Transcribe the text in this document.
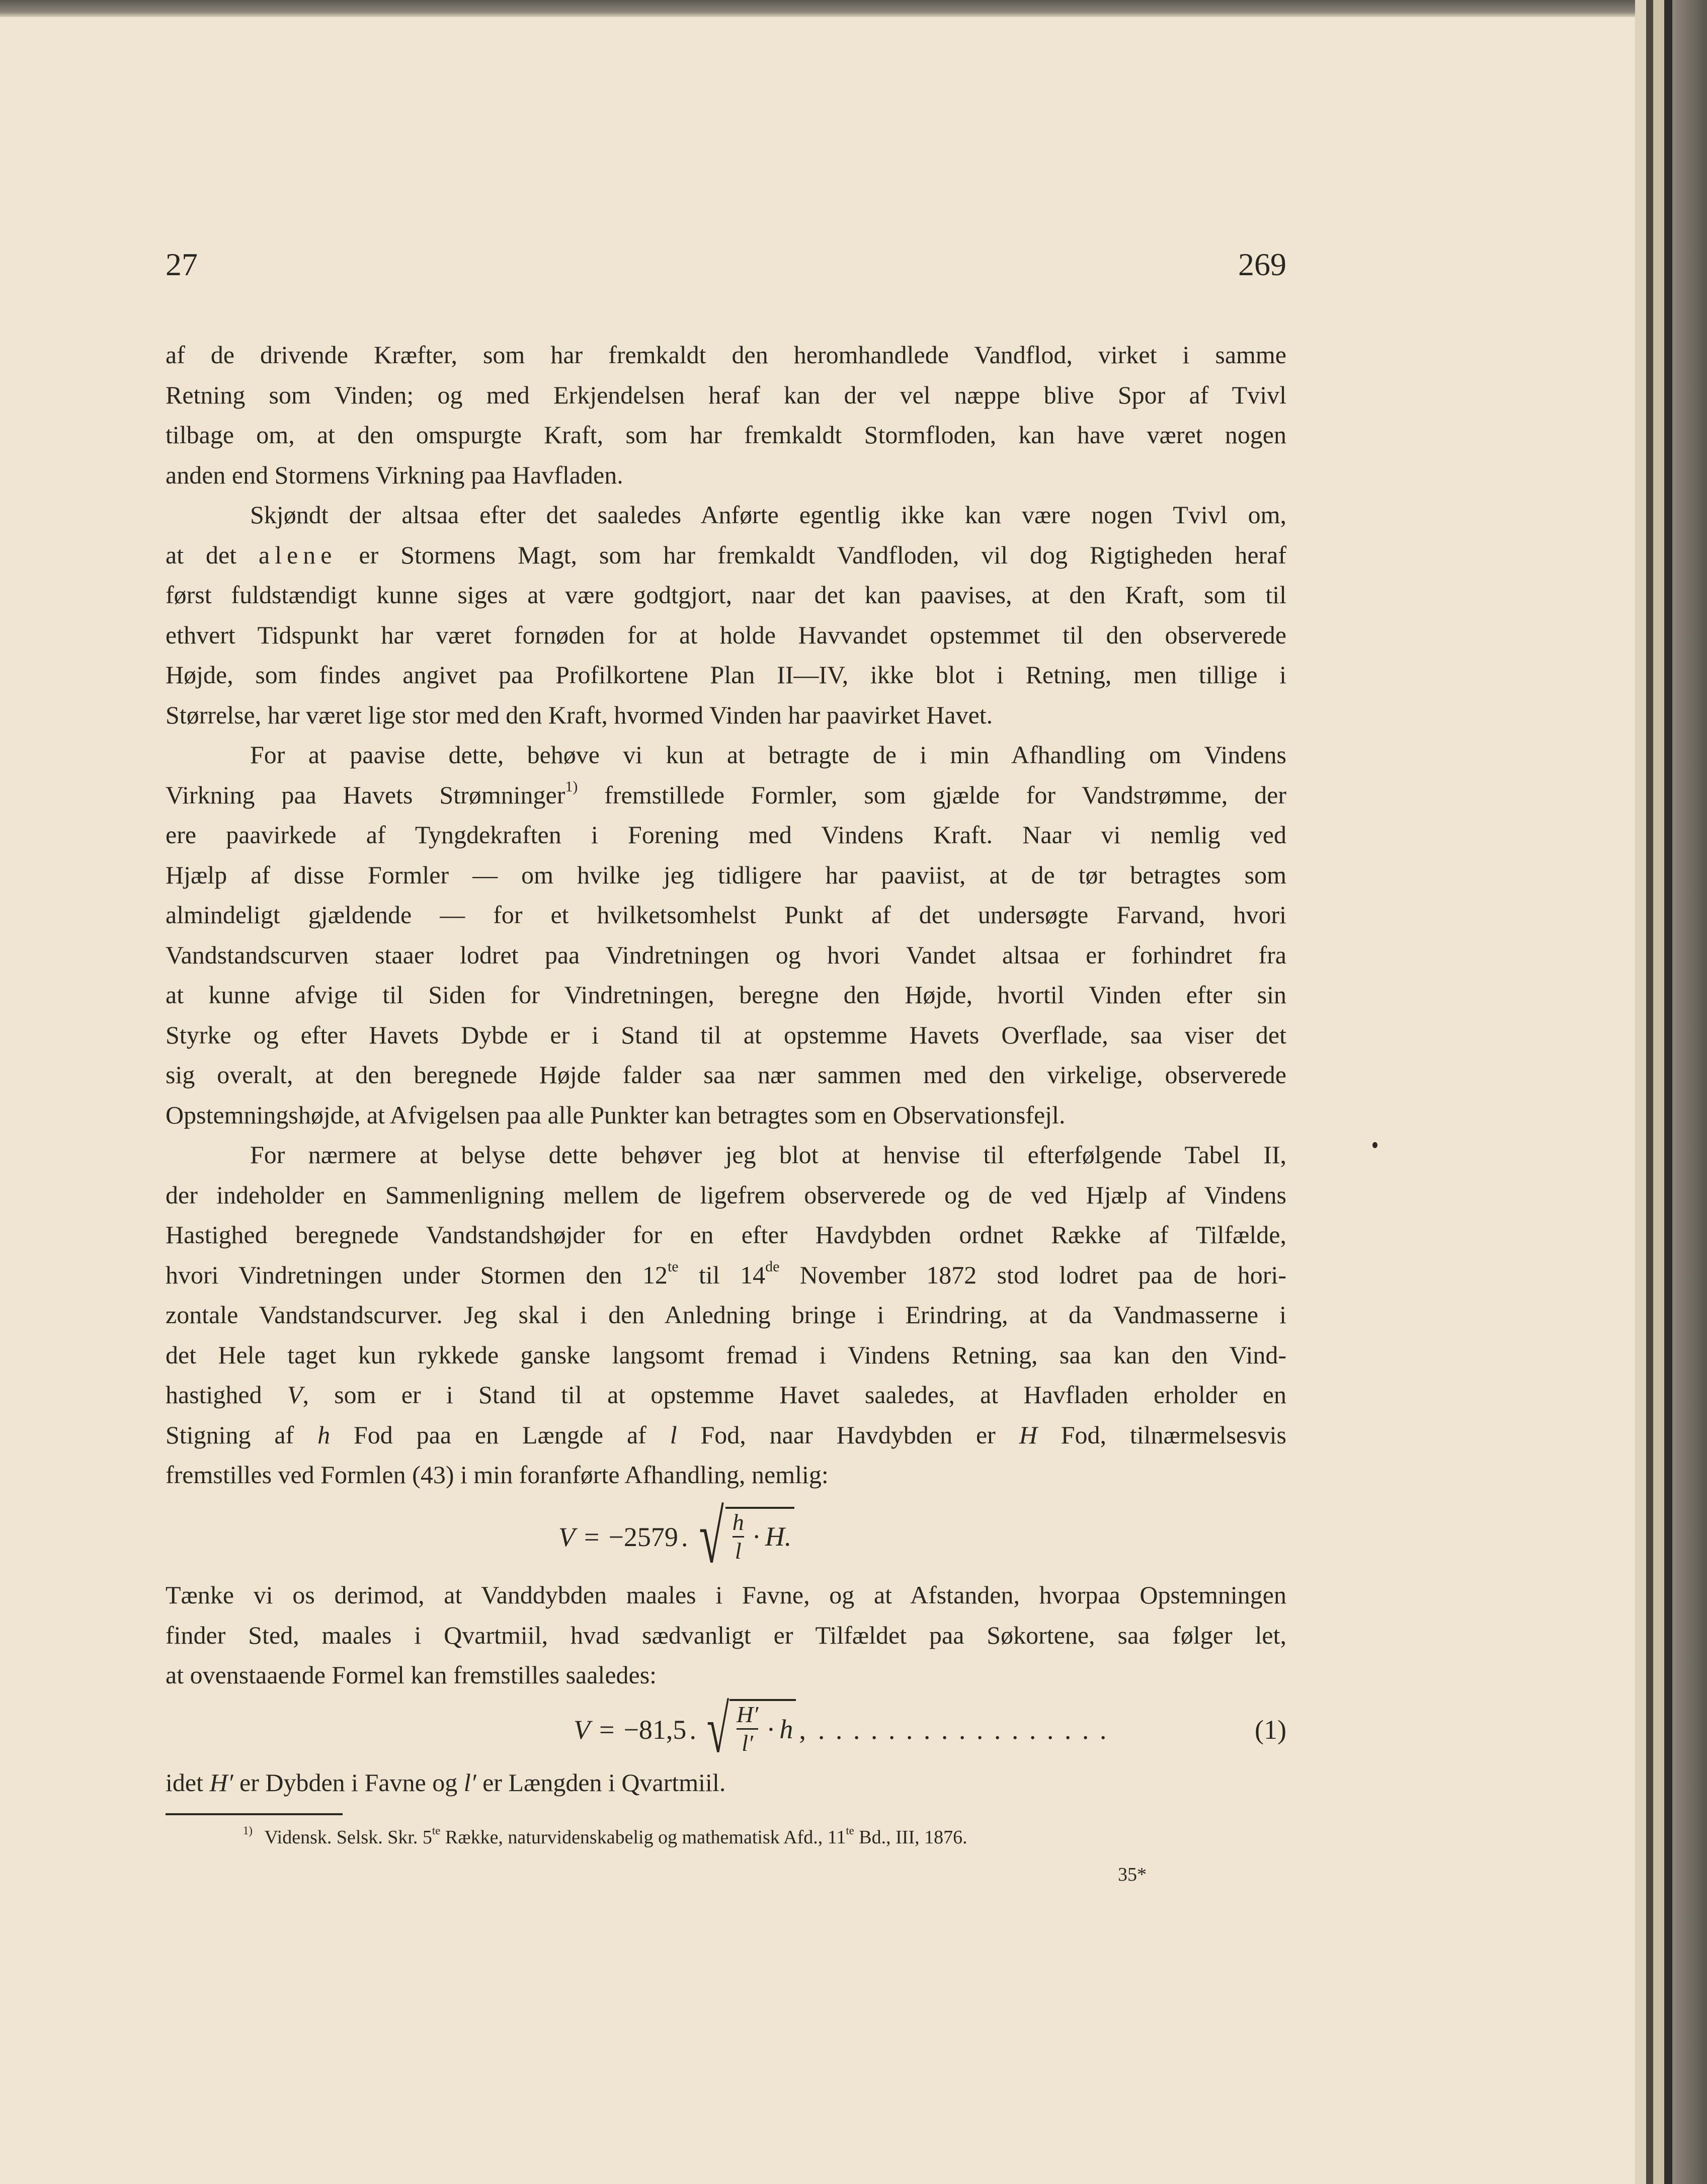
27	269
af de drivende Kræfter, som har fremkaldt den heromhandlede Vandflod, virket i samme
Retning som Vinden; og med Erkjendelsen heraf kan der vel næppe blive Spor af Tvivl
tilbage om, at den omspurgte Kraft, som har fremkaldt Stormfloden, kan have været nogen
anden end Stormens Virkning paa Havfladen.
Skjøndt der altsaa efter det saaledes Anførte egentlig ikke kan være nogen Tvivl om,
at det alene er Stormens Magt, som har fremkaldt Vandfloden, vil dog Rigtigheden heraf
først fuldstændigt kunne siges at være godtgjort, naar det kan paavises, at den Kraft, som til
ethvert Tidspunkt har været fornøden for at holde Havvandet opstemmet til den observerede
Højde, som findes angivet paa Profilkortene Plan II—IV, ikke blot i Retning, men tillige i
Størrelse, har været lige stor med den Kraft, hvormed Vinden har paavirket Havet.
For at paavise dette, behøve vi kun at betragte de i min Afhandling om Vindens
Virkning paa Havets Strømninger$^{1)}$ fremstillede Formler, som gjælde for Vandstrømme, der
ere paavirkede af Tyngdekraften i Forening med Vindens Kraft. Naar vi nemlig ved
Hjælp af disse Formler — om hvilke jeg tidligere har paaviist, at de tør betragtes som
almindeligt gjældende — for et hvilketsomhelst Punkt af det undersøgte Farvand, hvori
Vandstandscurven staaer lodret paa Vindretningen og hvori Vandet altsaa er forhindret fra
at kunne afvige til Siden for Vindretningen, beregne den Højde, hvortil Vinden efter sin
Styrke og efter Havets Dybde er i Stand til at opstemme Havets Overflade, saa viser det
sig overalt, at den beregnede Højde falder saa nær sammen med den virkelige, observerede
Opstemningshøjde, at Afvigelsen paa alle Punkter kan betragtes som en Observationsfejl.
For nærmere at belyse dette behøver jeg blot at henvise til efterfølgende Tabel II,
der indeholder en Sammenligning mellem de ligefrem observerede og de ved Hjælp af Vindens
Hastighed beregnede Vandstandshøjder for en efter Havdybden ordnet Række af Tilfælde,
hvori Vindretningen under Stormen den $12^{te}$ til 14de November 1872 stod lodret paa de hori-
zontale Vandstandscurver. Jeg skal i den Anledning bringe i Erindring, at da Vandmasserne i
det Hele taget kun rykkede ganske langsomt fremad i Vindens Retning, saa kan den Vind-
hastighed V, som er i Stand til at opstemme Havet saaledes, at Havfladen erholder en
Stigning af h Fod paa en Længde af l Fod, naar Havdybden er H Fod, tilnærmelsesvis
fremstilles ved Formlen (43) i min foranførte Afhandling, nemlig:
V = −2579 . √ $\frac{h}{l} \cdot H$.
Tænke vi os derimod, at Vanddybden maales i Favne, og at Afstanden, hvorpaa Opstemningen
finder Sted, maales i Qvartmiil, hvad sædvanligt er Tilfældet paa Søkortene, saa følger let,
at ovenstaaende Formel kan fremstilles saaledes:
V = −81,5 . √ $\frac{H'}{l'} \cdot h$ , . . . . . . . . . . . . . . . . .	(1)
idet H′ er Dybden i Favne og l′ er Længden i Qvartmiil.
$^{1)}$ Vidensk. Selsk. Skr. $5^{te}$ Række, naturvidenskabelig og mathematisk Afd., $11^{te}$ Bd., III, 1876.
35*
